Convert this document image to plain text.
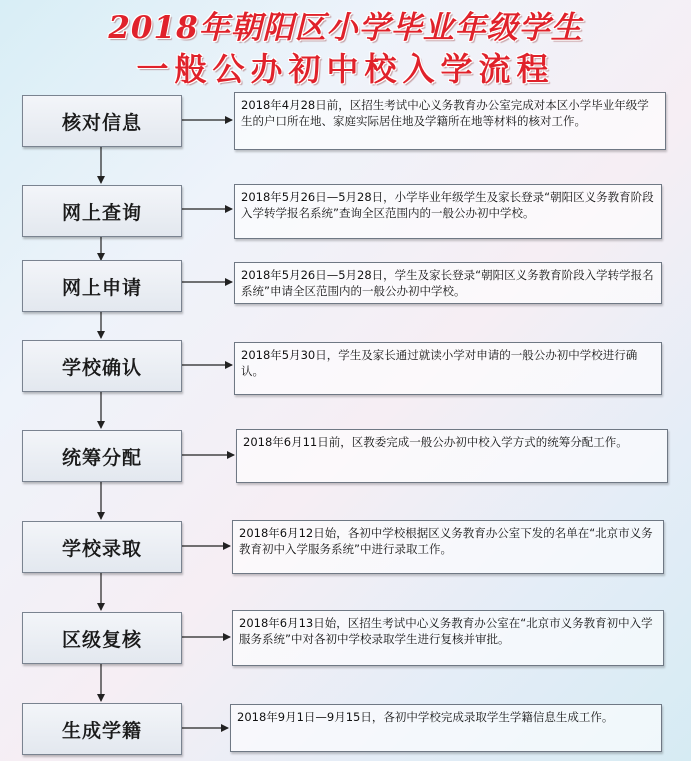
2018年朝阳区小学毕业年级学生
一般公办初中校入学流程
核对信息
网上查询
网上申请
学校确认
统筹分配
学校录取
区级复核
生成学籍
2018年4月28日前，区招生考试中心义务教育办公室完成对本区小学毕业年级学生的户口所在地、家庭实际居住地及学籍所在地等材料的核对工作。
2018年5月26日—5月28日，小学毕业年级学生及家长登录“朝阳区义务教育阶段入学转学报名系统”查询全区范围内的一般公办初中学校。
2018年5月26日—5月28日，学生及家长登录“朝阳区义务教育阶段入学转学报名系统”申请全区范围内的一般公办初中学校。
2018年5月30日，学生及家长通过就读小学对申请的一般公办初中学校进行确认。
2018年6月11日前，区教委完成一般公办初中校入学方式的统筹分配工作。
2018年6月12日始，各初中学校根据区义务教育办公室下发的名单在“北京市义务教育初中入学服务系统”中进行录取工作。
2018年6月13日始，区招生考试中心义务教育办公室在“北京市义务教育初中入学服务系统”中对各初中学校录取学生进行复核并审批。
2018年9月1日—9月15日，各初中学校完成录取学生学籍信息生成工作。
